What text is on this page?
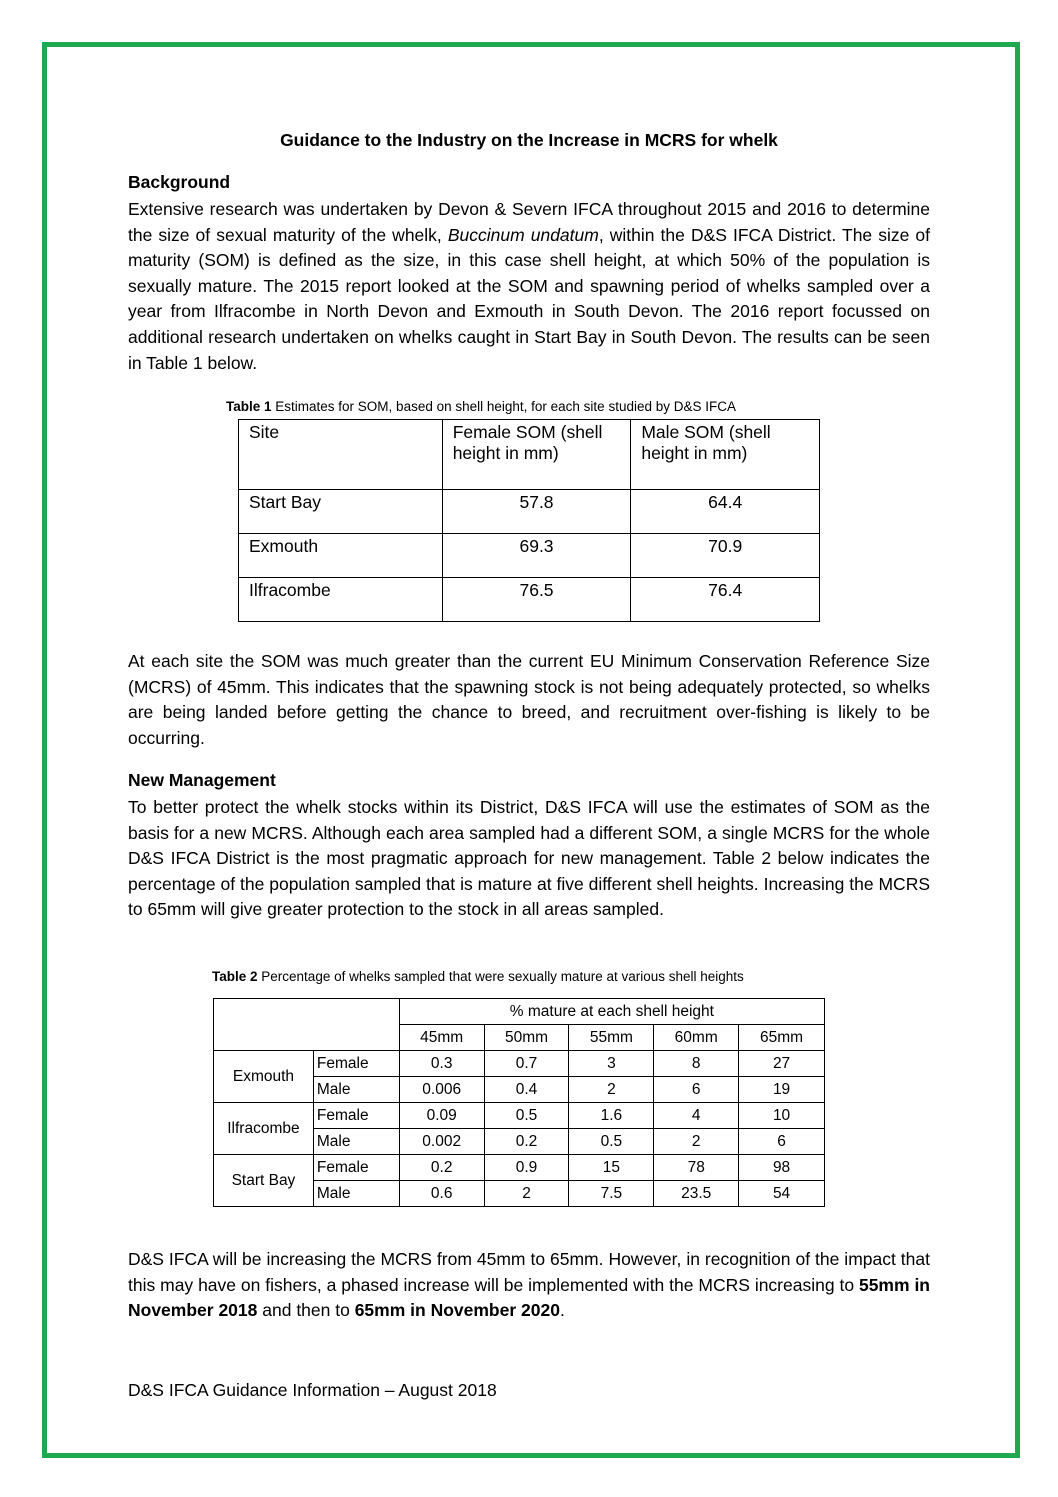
Guidance to the Industry on the Increase in MCRS for whelk
Background
Extensive research was undertaken by Devon & Severn IFCA throughout 2015 and 2016 to determine the size of sexual maturity of the whelk, Buccinum undatum, within the D&S IFCA District. The size of maturity (SOM) is defined as the size, in this case shell height, at which 50% of the population is sexually mature. The 2015 report looked at the SOM and spawning period of whelks sampled over a year from Ilfracombe in North Devon and Exmouth in South Devon. The 2016 report focussed on additional research undertaken on whelks caught in Start Bay in South Devon. The results can be seen in Table 1 below.
Table 1 Estimates for SOM, based on shell height, for each site studied by D&S IFCA
Site	Female SOM (shell height in mm)	Male SOM (shell height in mm)
Start Bay	57.8	64.4
Exmouth	69.3	70.9
Ilfracombe	76.5	76.4
At each site the SOM was much greater than the current EU Minimum Conservation Reference Size (MCRS) of 45mm. This indicates that the spawning stock is not being adequately protected, so whelks are being landed before getting the chance to breed, and recruitment over-fishing is likely to be occurring.
New Management
To better protect the whelk stocks within its District, D&S IFCA will use the estimates of SOM as the basis for a new MCRS. Although each area sampled had a different SOM, a single MCRS for the whole D&S IFCA District is the most pragmatic approach for new management. Table 2 below indicates the percentage of the population sampled that is mature at five different shell heights. Increasing the MCRS to 65mm will give greater protection to the stock in all areas sampled.
Table 2 Percentage of whelks sampled that were sexually mature at various shell heights
		% mature at each shell height				
		45mm	50mm	55mm	60mm	65mm
Exmouth	Female	0.3	0.7	3	8	27
	Male	0.006	0.4	2	6	19
Ilfracombe	Female	0.09	0.5	1.6	4	10
	Male	0.002	0.2	0.5	2	6
Start Bay	Female	0.2	0.9	15	78	98
	Male	0.6	2	7.5	23.5	54
D&S IFCA will be increasing the MCRS from 45mm to 65mm. However, in recognition of the impact that this may have on fishers, a phased increase will be implemented with the MCRS increasing to 55mm in November 2018 and then to 65mm in November 2020.
D&S IFCA Guidance Information – August 2018
